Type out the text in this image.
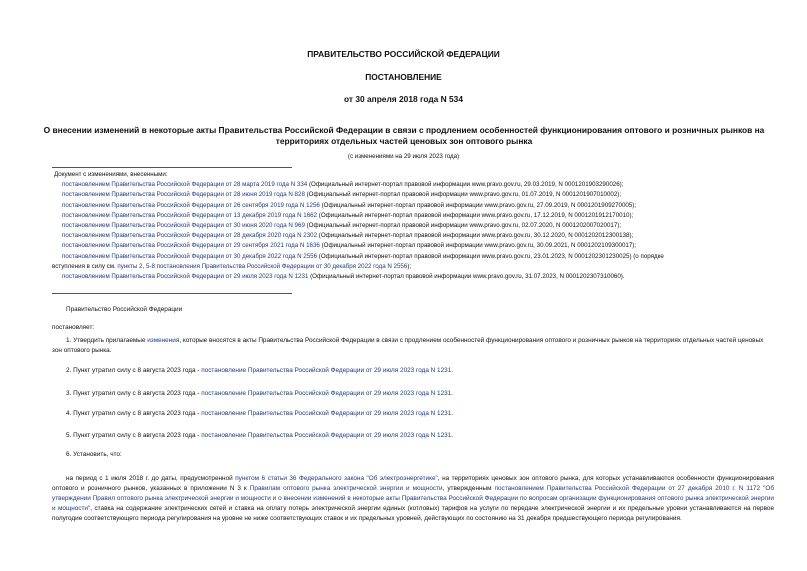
ПРАВИТЕЛЬСТВО РОССИЙСКОЙ ФЕДЕРАЦИИ
ПОСТАНОВЛЕНИЕ
от 30 апреля 2018 года N 534
О внесении изменений в некоторые акты Правительства Российской Федерации в связи с продлением особенностей функционирования оптового и розничных рынков на территориях отдельных частей ценовых зон оптового рынка
(с изменениями на 29 июля 2023 года)

Документ с изменениями, внесенными:

постановлением Правительства Российской Федерации от 28 марта 2019 года N 334 (Официальный интернет-портал правовой информации www.pravo.gov.ru, 29.03.2019, N 0001201903290026);

постановлением Правительства Российской Федерации от 28 июня 2019 года N 828 (Официальный интернет-портал правовой информации www.pravo.gov.ru, 01.07.2019, N 0001201907010002);

постановлением Правительства Российской Федерации от 26 сентября 2019 года N 1256 (Официальный интернет-портал правовой информации www.pravo.gov.ru, 27.09.2019, N 0001201909270005);

постановлением Правительства Российской Федерации от 13 декабря 2019 года N 1662 (Официальный интернет-портал правовой информации www.pravo.gov.ru, 17.12.2019, N 0001201912170010);

постановлением Правительства Российской Федерации от 30 июня 2020 года N 969 (Официальный интернет-портал правовой информации www.pravo.gov.ru, 02.07.2020, N 0001202007020017);

постановлением Правительства Российской Федерации от 28 декабря 2020 года N 2302 (Официальный интернет-портал правовой информации www.pravo.gov.ru, 30.12.2020, N 0001202012300138);

постановлением Правительства Российской Федерации от 29 сентября 2021 года N 1636 (Официальный интернет-портал правовой информации www.pravo.gov.ru, 30.09.2021, N 0001202109300017);

постановлением Правительства Российской Федерации от 30 декабря 2022 года N 2556 (Официальный интернет-портал правовой информации www.pravo.gov.ru, 23.01.2023, N 0001202301230025) (о порядке

вступления в силу см. пункты 2, 5-8 постановления Правительства Российской Федерации от 30 декабря 2022 года N 2556);

постановлением Правительства Российской Федерации от 29 июля 2023 года N 1231 (Официальный интернет-портал правовой информации www.pravo.gov.ru, 31.07.2023, N 0001202307310060).

Правительство Российской Федерации
постановляет:
1. Утвердить прилагаемые изменения, которые вносятся в акты Правительства Российской Федерации в связи с продлением особенностей функционирования оптового и розничных рынков на территориях отдельных частей ценовых зон оптового рынка.
2. Пункт утратил силу с 8 августа 2023 года - постановление Правительства Российской Федерации от 29 июля 2023 года N 1231.
3. Пункт утратил силу с 8 августа 2023 года - постановление Правительства Российской Федерации от 29 июля 2023 года N 1231.
4. Пункт утратил силу с 8 августа 2023 года - постановление Правительства Российской Федерации от 29 июля 2023 года N 1231.
5. Пункт утратил силу с 8 августа 2023 года - постановление Правительства Российской Федерации от 29 июля 2023 года N 1231.
6. Установить, что:
на период с 1 июля 2018 г. до даты, предусмотренной пунктом 6 статьи 36 Федерального закона "Об электроэнергетике", на территориях ценовых зон оптового рынка, для которых устанавливаются особенности функционирования оптового и розничного рынков, указанных в приложении N 3 к Правилам оптового рынка электрической энергии и мощности, утвержденным постановлением Правительства Российской Федерации от 27 декабря 2010 г. N 1172 "Об утверждении Правил оптового рынка электрической энергии и мощности и о внесении изменений в некоторые акты Правительства Российской Федерации по вопросам организации функционирования оптового рынка электрической энергии и мощности", ставка на содержание электрических сетей и ставка на оплату потерь электрической энергии единых (котловых) тарифов на услуги по передаче электрической энергии и их предельные уровни устанавливаются на первое полугодие соответствующего периода регулирования на уровне не ниже соответствующих ставок и их предельных уровней, действующих по состоянию на 31 декабря предшествующего периода регулирования.
